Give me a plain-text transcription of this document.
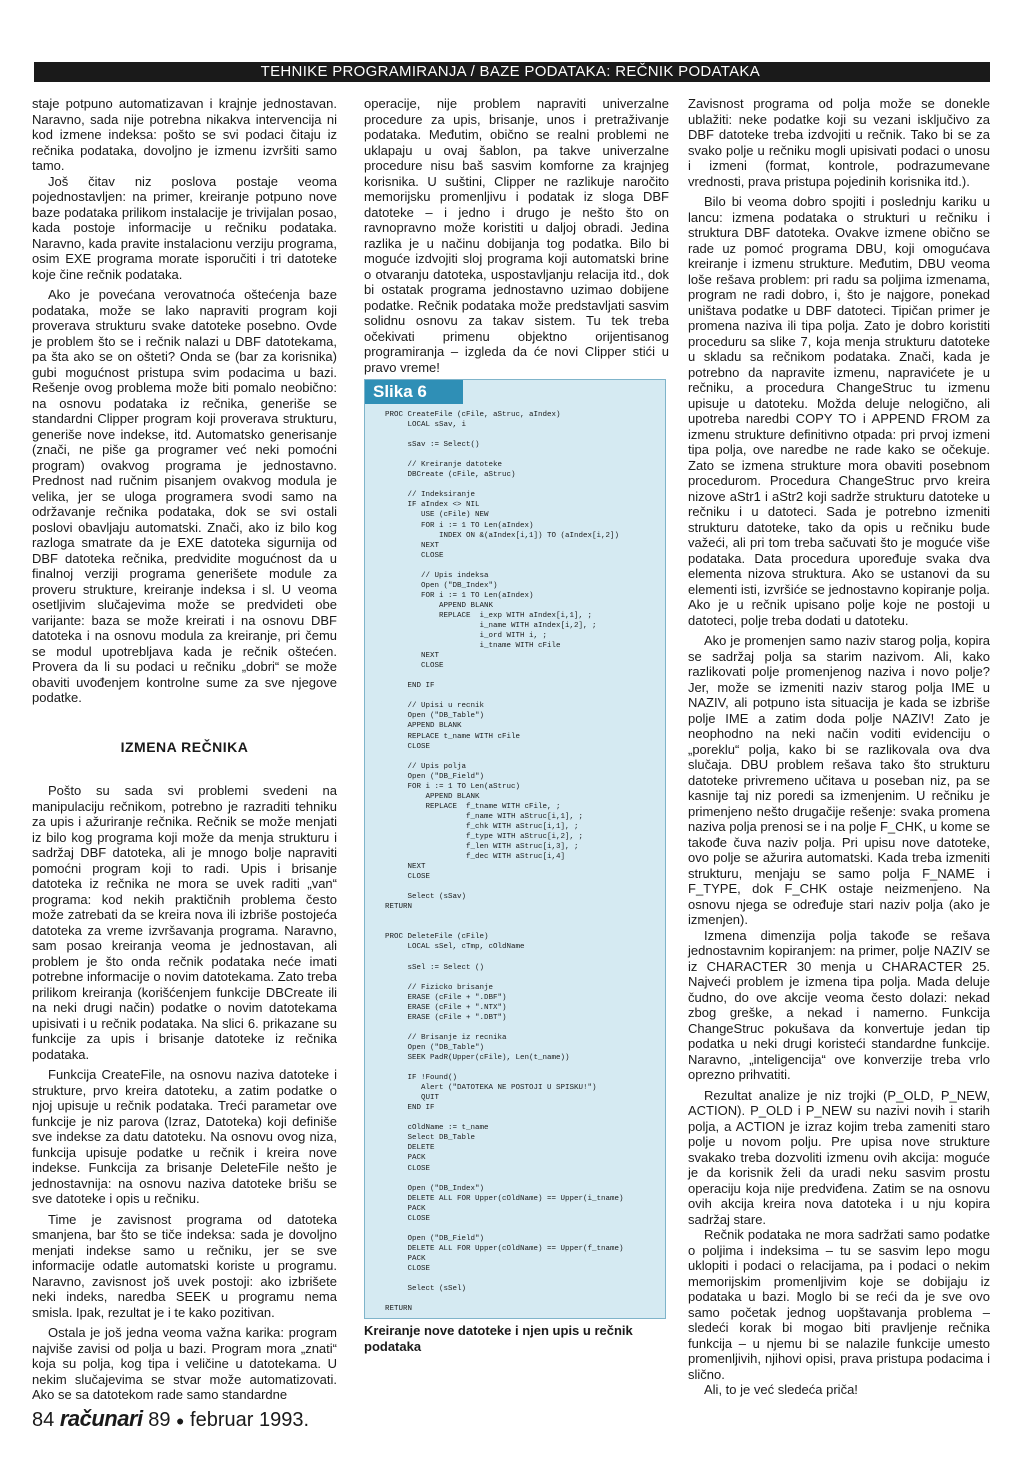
TEHNIKE PROGRAMIRANJA / BAZE PODATAKA: REČNIK PODATAKA

staje potpuno automatizavan i krajnje jednostavan. Naravno, sada nije potrebna nikakva intervencija ni kod izmene indeksa: pošto se svi podaci čitaju iz rečnika podataka, dovoljno je izmenu izvršiti samo tamo.

Još čitav niz poslova postaje veoma pojednostavljen: na primer, kreiranje potpuno nove baze podataka prilikom instalacije je trivijalan posao, kada postoje informacije u rečniku podataka. Naravno, kada pravite instalacionu verziju programa, osim EXE programa morate isporučiti i tri datoteke koje čine rečnik podataka.

Ako je povećana verovatnoća oštećenja baze podataka, može se lako napraviti program koji proverava strukturu svake datoteke posebno. Ovde je problem što se i rečnik nalazi u DBF datotekama, pa šta ako se on ošteti? Onda se (bar za korisnika) gubi mogućnost pristupa svim podacima u bazi. Rešenje ovog problema može biti pomalo neobično: na osnovu podataka iz rečnika, generiše se standardni Clipper program koji proverava strukturu, generiše nove indekse, itd. Automatsko generisanje (znači, ne piše ga programer već neki pomoćni program) ovakvog programa je jednostavno. Prednost nad ručnim pisanjem ovakvog modula je velika, jer se uloga programera svodi samo na održavanje rečnika podataka, dok se svi ostali poslovi obavljaju automatski. Znači, ako iz bilo kog razloga smatrate da je EXE datoteka sigurnija od DBF datoteka rečnika, predvidite mogućnost da u finalnoj verziji programa generišete module za proveru strukture, kreiranje indeksa i sl. U veoma osetljivim slučajevima može se predvideti obe varijante: baza se može kreirati i na osnovu DBF datoteka i na osnovu modula za kreiranje, pri čemu se modul upotrebljava kada je rečnik oštećen. Provera da li su podaci u rečniku „dobri“ se može obaviti uvođenjem kontrolne sume za sve njegove podatke.

IZMENA REČNIKA

Pošto su sada svi problemi svedeni na manipulaciju rečnikom, potrebno je razraditi tehniku za upis i ažuriranje rečnika. Rečnik se može menjati iz bilo kog programa koji može da menja strukturu i sadržaj DBF datoteka, ali je mnogo bolje napraviti pomoćni program koji to radi. Upis i brisanje datoteka iz rečnika ne mora se uvek raditi „van“ programa: kod nekih praktičnih problema često može zatrebati da se kreira nova ili izbriše postojeća datoteka za vreme izvršavanja programa. Naravno, sam posao kreiranja veoma je jednostavan, ali problem je što onda rečnik podataka neće imati potrebne informacije o novim datotekama. Zato treba prilikom kreiranja (korišćenjem funkcije DBCreate ili na neki drugi način) podatke o novim datotekama upisivati i u rečnik podataka. Na slici 6. prikazane su funkcije za upis i brisanje datoteke iz rečnika podataka.

Funkcija CreateFile, na osnovu naziva datoteke i strukture, prvo kreira datoteku, a zatim podatke o njoj upisuje u rečnik podataka. Treći parametar ove funkcije je niz parova (Izraz, Datoteka) koji definiše sve indekse za datu datoteku. Na osnovu ovog niza, funkcija upisuje podatke u rečnik i kreira nove indekse. Funkcija za brisanje DeleteFile nešto je jednostavnija: na osnovu naziva datoteke brišu se sve datoteke i opis u rečniku.

Time je zavisnost programa od datoteka smanjena, bar što se tiče indeksa: sada je dovoljno menjati indekse samo u rečniku, jer se sve informacije odatle automatski koriste u programu. Naravno, zavisnost još uvek postoji: ako izbrišete neki indeks, naredba SEEK u programu nema smisla. Ipak, rezultat je i te kako pozitivan.

Ostala je još jedna veoma važna karika: program najviše zavisi od polja u bazi. Program mora „znati“ koja su polja, kog tipa i veličine u datotekama. U nekim slučajevima se stvar može automatizovati. Ako se sa datotekom rade samo standardne

operacije, nije problem napraviti univerzalne procedure za upis, brisanje, unos i pretraživanje podataka. Međutim, obično se realni problemi ne uklapaju u ovaj šablon, pa takve univerzalne procedure nisu baš sasvim komforne za krajnjeg korisnika. U suštini, Clipper ne razlikuje naročito memorijsku promenljivu i podatak iz sloga DBF datoteke – i jedno i drugo je nešto što on ravnopravno može koristiti u daljoj obradi. Jedina razlika je u načinu dobijanja tog podatka. Bilo bi moguće izdvojiti sloj programa koji automatski brine o otvaranju datoteka, uspostavljanju relacija itd., dok bi ostatak programa jednostavno uzimao dobijene podatke. Rečnik podataka može predstavljati sasvim solidnu osnovu za takav sistem. Tu tek treba očekivati primenu objektno orijentisanog programiranja – izgleda da će novi Clipper stići u pravo vreme!

Slika 6
PROC CreateFile (cFile, aStruc, aIndex)
LOCAL sSav, i

sSav := Select()

// Kreiranje datoteke
DBCreate (cFile, aStruc)

// Indeksiranje
IF aIndex <> NIL
USE (cFile) NEW
FOR i := 1 TO Len(aIndex)
INDEX ON &(aIndex[i,1]) TO (aIndex[i,2])
NEXT
CLOSE

// Upis indeksa
Open ("DB_Index")
FOR i := 1 TO Len(aIndex)
APPEND BLANK
REPLACE  i_exp WITH aIndex[i,1], ;
i_name WITH aIndex[i,2], ;
i_ord WITH i, ;
i_tname WITH cFile
NEXT
CLOSE

END IF

// Upisi u recnik
Open ("DB_Table")
APPEND BLANK
REPLACE t_name WITH cFile
CLOSE

// Upis polja
Open ("DB_Field")
FOR i := 1 TO Len(aStruc)
APPEND BLANK
REPLACE  f_tname WITH cFile, ;
f_name WITH aStruc[i,1], ;
f_chk WITH aStruc[i,1], ;
f_type WITH aStruc[i,2], ;
f_len WITH aStruc[i,3], ;
f_dec WITH aStruc[i,4]
NEXT
CLOSE

Select (sSav)
RETURN

PROC DeleteFile (cFile)
LOCAL sSel, cTmp, cOldName

sSel := Select ()

// Fizicko brisanje
ERASE (cFile + ".DBF")
ERASE (cFile + ".NTX")
ERASE (cFile + ".DBT")

// Brisanje iz recnika
Open ("DB_Table")
SEEK PadR(Upper(cFile), Len(t_name))

IF !Found()
Alert ("DATOTEKA NE POSTOJI U SPISKU!")
QUIT
END IF

cOldName := t_name
Select DB_Table
DELETE
PACK
CLOSE

Open ("DB_Index")
DELETE ALL FOR Upper(cOldName) == Upper(i_tname)
PACK
CLOSE

Open ("DB_Field")
DELETE ALL FOR Upper(cOldName) == Upper(f_tname)
PACK
CLOSE

Select (sSel)

RETURN
Kreiranje nove datoteke i njen upis u rečnik podataka

Zavisnost programa od polja može se donekle ublažiti: neke podatke koji su vezani isključivo za DBF datoteke treba izdvojiti u rečnik. Tako bi se za svako polje u rečniku mogli upisivati podaci o unosu i izmeni (format, kontrole, podrazumevane vrednosti, prava pristupa pojedinih korisnika itd.).

Bilo bi veoma dobro spojiti i poslednju kariku u lancu: izmena podataka o strukturi u rečniku i struktura DBF datoteka. Ovakve izmene obično se rade uz pomoć programa DBU, koji omogućava kreiranje i izmenu strukture. Međutim, DBU veoma loše rešava problem: pri radu sa poljima izmenama, program ne radi dobro, i, što je najgore, ponekad uništava podatke u DBF datoteci. Tipičan primer je promena naziva ili tipa polja. Zato je dobro koristiti proceduru sa slike 7, koja menja strukturu datoteke u skladu sa rečnikom podataka. Znači, kada je potrebno da napravite izmenu, napravićete je u rečniku, a procedura ChangeStruc tu izmenu upisuje u datoteku. Možda deluje nelogično, ali upotreba naredbi COPY TO i APPEND FROM za izmenu strukture definitivno otpada: pri prvoj izmeni tipa polja, ove naredbe ne rade kako se očekuje. Zato se izmena strukture mora obaviti posebnom procedurom. Procedura ChangeStruc prvo kreira nizove aStr1 i aStr2 koji sadrže strukturu datoteke u rečniku i u datoteci. Sada je potrebno izmeniti strukturu datoteke, tako da opis u rečniku bude važeći, ali pri tom treba sačuvati što je moguće više podataka. Data procedura upoređuje svaka dva elementa nizova struktura. Ako se ustanovi da su elementi isti, izvršiće se jednostavno kopiranje polja. Ako je u rečnik upisano polje koje ne postoji u datoteci, polje treba dodati u datoteku.

Ako je promenjen samo naziv starog polja, kopira se sadržaj polja sa starim nazivom. Ali, kako razlikovati polje promenjenog naziva i novo polje? Jer, može se izmeniti naziv starog polja IME u NAZIV, ali potpuno ista situacija je kada se izbriše polje IME a zatim doda polje NAZIV! Zato je neophodno na neki način voditi evidenciju o „poreklu“ polja, kako bi se razlikovala ova dva slučaja. DBU problem rešava tako što strukturu datoteke privremeno učitava u poseban niz, pa se kasnije taj niz poredi sa izmenjenim. U rečniku je primenjeno nešto drugačije rešenje: svaka promena naziva polja prenosi se i na polje F_CHK, u kome se takođe čuva naziv polja. Pri upisu nove datoteke, ovo polje se ažurira automatski. Kada treba izmeniti strukturu, menjaju se samo polja F_NAME i F_TYPE, dok F_CHK ostaje neizmenjeno. Na osnovu njega se određuje stari naziv polja (ako je izmenjen).

Izmena dimenzija polja takođe se rešava jednostavnim kopiranjem: na primer, polje NAZIV se iz CHARACTER 30 menja u CHARACTER 25. Najveći problem je izmena tipa polja. Mada deluje čudno, do ove akcije veoma često dolazi: nekad zbog greške, a nekad i namerno. Funkcija ChangeStruc pokušava da konvertuje jedan tip podatka u neki drugi koristeći standardne funkcije. Naravno, „inteligencija“ ove konverzije treba vrlo oprezno prihvatiti.

Rezultat analize je niz trojki (P_OLD, P_NEW, ACTION). P_OLD i P_NEW su nazivi novih i starih polja, a ACTION je izraz kojim treba zameniti staro polje u novom polju. Pre upisa nove strukture svakako treba dozvoliti izmenu ovih akcija: moguće je da korisnik želi da uradi neku sasvim prostu operaciju koja nije predviđena. Zatim se na osnovu ovih akcija kreira nova datoteka i u nju kopira sadržaj stare.

Rečnik podataka ne mora sadržati samo podatke o poljima i indeksima – tu se sasvim lepo mogu uklopiti i podaci o relacijama, pa i podaci o nekim memorijskim promenljivim koje se dobijaju iz podataka u bazi. Moglo bi se reći da je sve ovo samo početak jednog uopštavanja problema – sledeći korak bi mogao biti pravljenje rečnika funkcija – u njemu bi se nalazile funkcije umesto promenljivih, njihovi opisi, prava pristupa podacima i slično.

Ali, to je već sledeća priča!

84 računari 89 ● februar 1993.
